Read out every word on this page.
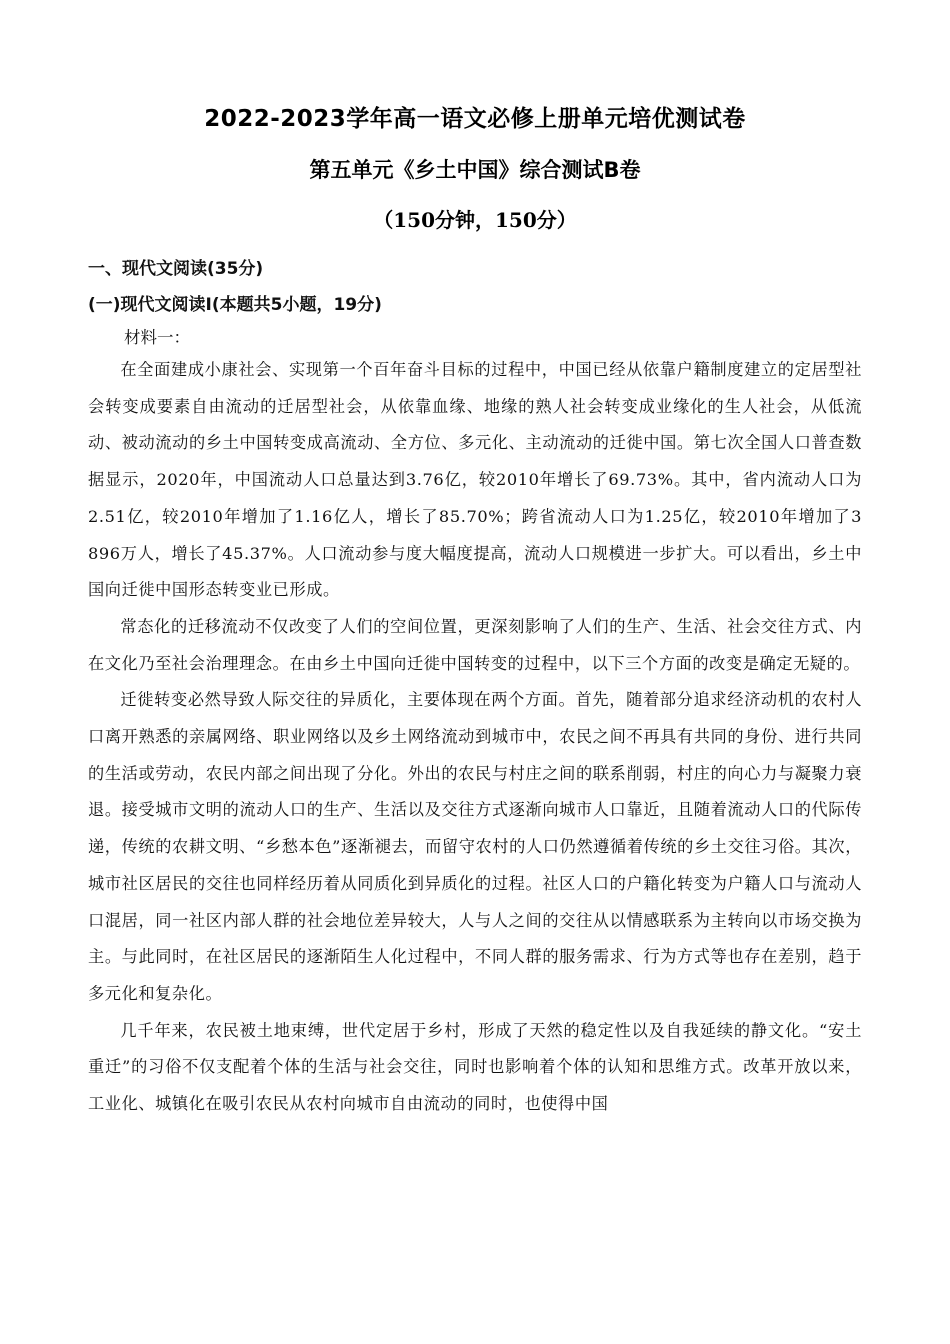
2022-2023学年高一语文必修上册单元培优测试卷
第五单元《乡土中国》综合测试B卷
（150分钟，150分）
一、现代文阅读(35分)
(一)现代文阅读Ⅰ(本题共5小题，19分)
材料一：

在全面建成小康社会、实现第一个百年奋斗目标的过程中，中国已经从依靠户籍制度建立的定居型社会转变成要素自由流动的迁居型社会，从依靠血缘、地缘的熟人社会转变成业缘化的生人社会，从低流动、被动流动的乡土中国转变成高流动、全方位、多元化、主动流动的迁徙中国。第七次全国人口普查数据显示，2020年，中国流动人口总量达到3.76亿，较2010年增长了69.73%。其中，省内流动人口为2.51亿，较2010年增加了1.16亿人，增长了85.70%；跨省流动人口为1.25亿，较2010年增加了3 896万人，增长了45.37%。人口流动参与度大幅度提高，流动人口规模进一步扩大。可以看出，乡土中国向迁徙中国形态转变业已形成。

常态化的迁移流动不仅改变了人们的空间位置，更深刻影响了人们的生产、生活、社会交往方式、内在文化乃至社会治理理念。在由乡土中国向迁徙中国转变的过程中，以下三个方面的改变是确定无疑的。

迁徙转变必然导致人际交往的异质化，主要体现在两个方面。首先，随着部分追求经济动机的农村人口离开熟悉的亲属网络、职业网络以及乡土网络流动到城市中，农民之间不再具有共同的身份、进行共同的生活或劳动，农民内部之间出现了分化。外出的农民与村庄之间的联系削弱，村庄的向心力与凝聚力衰退。接受城市文明的流动人口的生产、生活以及交往方式逐渐向城市人口靠近，且随着流动人口的代际传递，传统的农耕文明、“乡愁本色”逐渐褪去，而留守农村的人口仍然遵循着传统的乡土交往习俗。其次，城市社区居民的交往也同样经历着从同质化到异质化的过程。社区人口的户籍化转变为户籍人口与流动人口混居，同一社区内部人群的社会地位差异较大，人与人之间的交往从以情感联系为主转向以市场交换为主。与此同时，在社区居民的逐渐陌生人化过程中，不同人群的服务需求、行为方式等也存在差别，趋于多元化和复杂化。

几千年来，农民被土地束缚，世代定居于乡村，形成了天然的稳定性以及自我延续的静文化。“安土重迁”的习俗不仅支配着个体的生活与社会交往，同时也影响着个体的认知和思维方式。改革开放以来，工业化、城镇化在吸引农民从农村向城市自由流动的同时，也使得中国
